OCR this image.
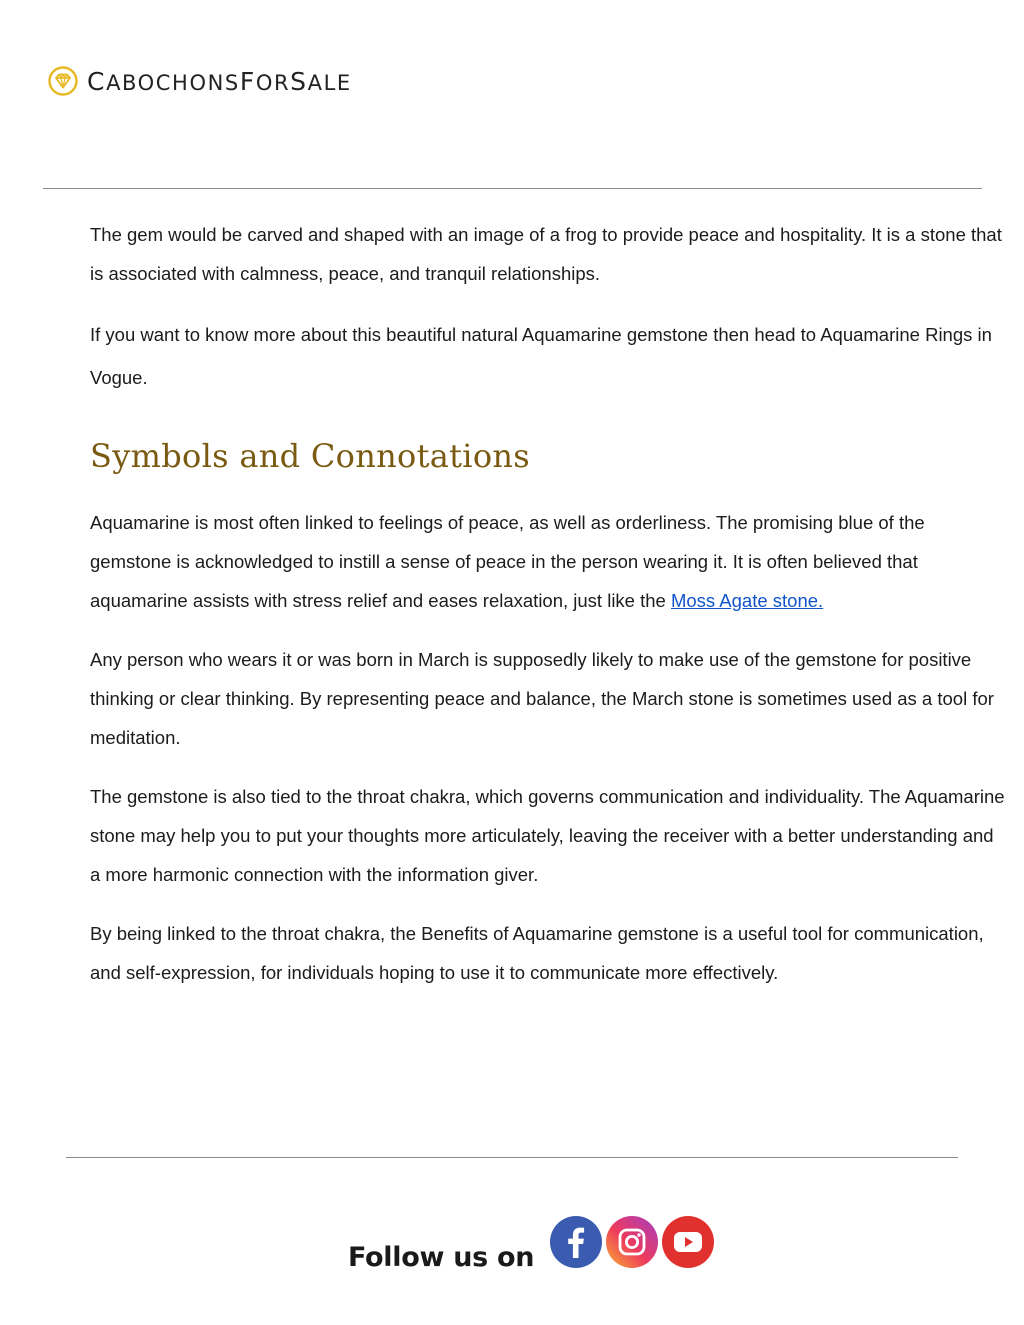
CABOCHONSFORSALE

The gem would be carved and shaped with an image of a frog to provide peace and hospitality. It is a stone that is associated with calmness, peace, and tranquil relationships.

If you want to know more about this beautiful natural Aquamarine gemstone then head to Aquamarine Rings in Vogue.

Symbols and Connotations

Aquamarine is most often linked to feelings of peace, as well as orderliness. The promising blue of the gemstone is acknowledged to instill a sense of peace in the person wearing it. It is often believed that aquamarine assists with stress relief and eases relaxation, just like the Moss Agate stone.

Any person who wears it or was born in March is supposedly likely to make use of the gemstone for positive thinking or clear thinking. By representing peace and balance, the March stone is sometimes used as a tool for meditation.

The gemstone is also tied to the throat chakra, which governs communication and individuality. The Aquamarine stone may help you to put your thoughts more articulately, leaving the receiver with a better understanding and a more harmonic connection with the information giver.

By being linked to the throat chakra, the Benefits of Aquamarine gemstone is a useful tool for communication, and self-expression, for individuals hoping to use it to communicate more effectively.

Follow us on
